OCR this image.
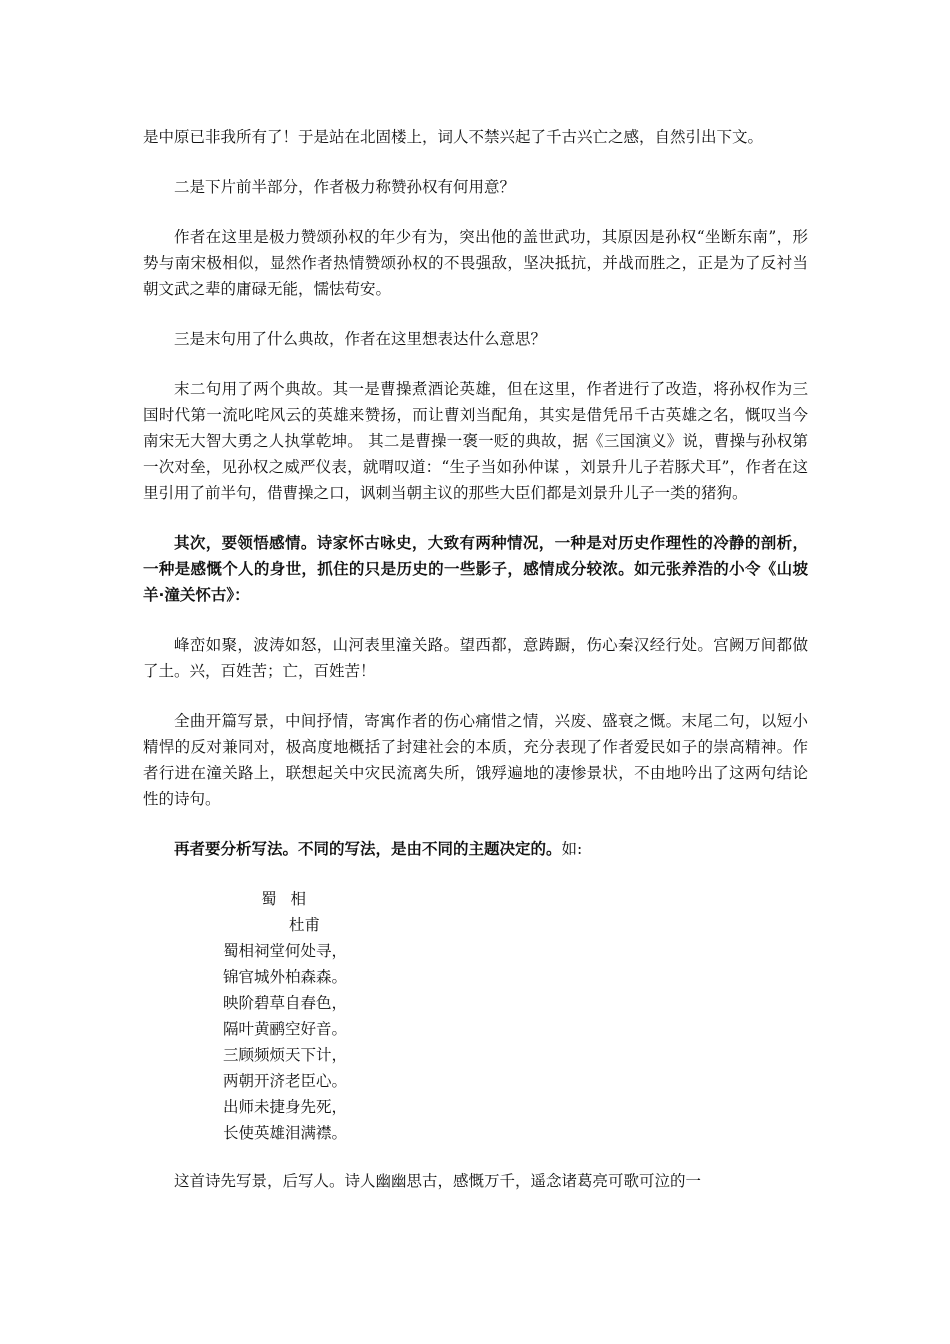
是中原已非我所有了！于是站在北固楼上，词人不禁兴起了千古兴亡之感，自然引出下文。

二是下片前半部分，作者极力称赞孙权有何用意？

作者在这里是极力赞颂孙权的年少有为，突出他的盖世武功，其原因是孙权“坐断东南”，形势与南宋极相似，显然作者热情赞颂孙权的不畏强敌，坚决抵抗，并战而胜之，正是为了反衬当朝文武之辈的庸碌无能，懦怯苟安。

三是末句用了什么典故，作者在这里想表达什么意思？

末二句用了两个典故。其一是曹操煮酒论英雄，但在这里，作者进行了改造，将孙权作为三国时代第一流叱咤风云的英雄来赞扬，而让曹刘当配角，其实是借凭吊千古英雄之名，慨叹当今南宋无大智大勇之人执掌乾坤。 其二是曹操一褒一贬的典故，据《三国演义》说，曹操与孙权第一次对垒，见孙权之威严仪表，就喟叹道：“生子当如孙仲谋 ，刘景升儿子若豚犬耳”，作者在这里引用了前半句，借曹操之口，讽刺当朝主议的那些大臣们都是刘景升儿子一类的猪狗。

其次，要领悟感情。诗家怀古咏史，大致有两种情况，一种是对历史作理性的冷静的剖析，一种是感慨个人的身世，抓住的只是历史的一些影子，感情成分较浓。如元张养浩的小令《山坡羊·潼关怀古》：

峰峦如聚，波涛如怒，山河表里潼关路。望西都，意踌蹰，伤心秦汉经行处。宫阙万间都做了土。兴，百姓苦；亡，百姓苦！

全曲开篇写景，中间抒情，寄寓作者的伤心痛惜之情，兴废、盛衰之慨。末尾二句，以短小精悍的反对兼同对，极高度地概括了封建社会的本质，充分表现了作者爱民如子的崇高精神。作者行进在潼关路上，联想起关中灾民流离失所，饿殍遍地的凄惨景状，不由地吟出了这两句结论性的诗句。

再者要分析写法。不同的写法，是由不同的主题决定的。如:

蜀相
杜甫
蜀相祠堂何处寻，
锦官城外柏森森。
映阶碧草自春色，
隔叶黄鹂空好音。
三顾频烦天下计，
两朝开济老臣心。
出师未捷身先死，
长使英雄泪满襟。

这首诗先写景，后写人。诗人幽幽思古，感慨万千，遥念诸葛亮可歌可泣的一
